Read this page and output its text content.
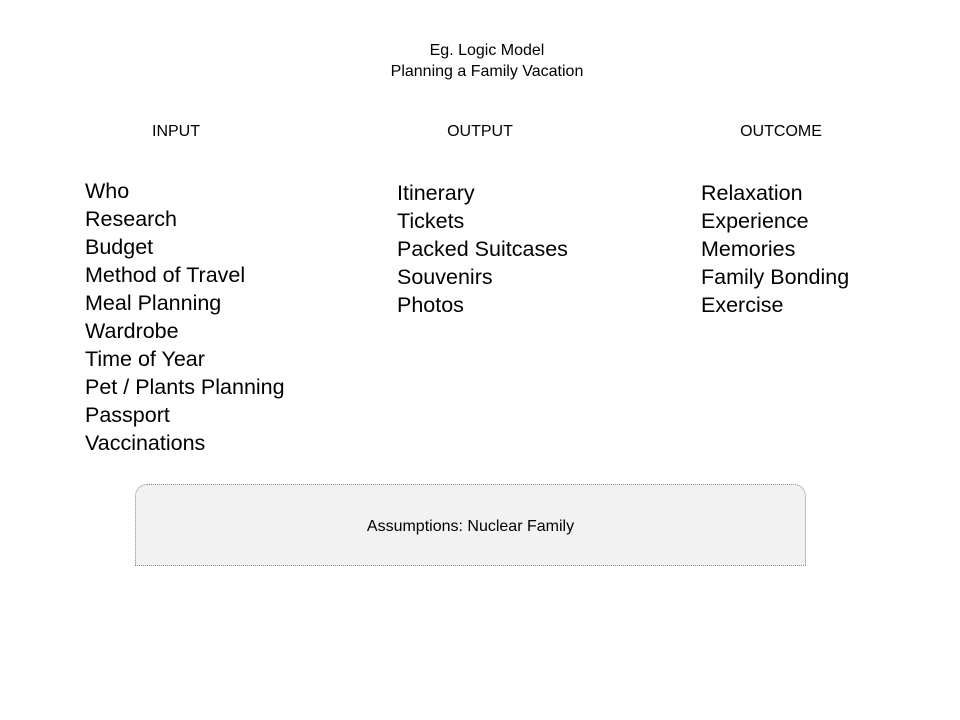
Eg. Logic Model
Planning a Family Vacation
INPUT	OUTPUT	OUTCOME
Who
Research
Budget
Method of Travel
Meal Planning
Wardrobe
Time of Year
Pet / Plants Planning
Passport
Vaccinations
Itinerary
Tickets
Packed Suitcases
Souvenirs
Photos
Relaxation
Experience
Memories
Family Bonding
Exercise
Assumptions: Nuclear Family
